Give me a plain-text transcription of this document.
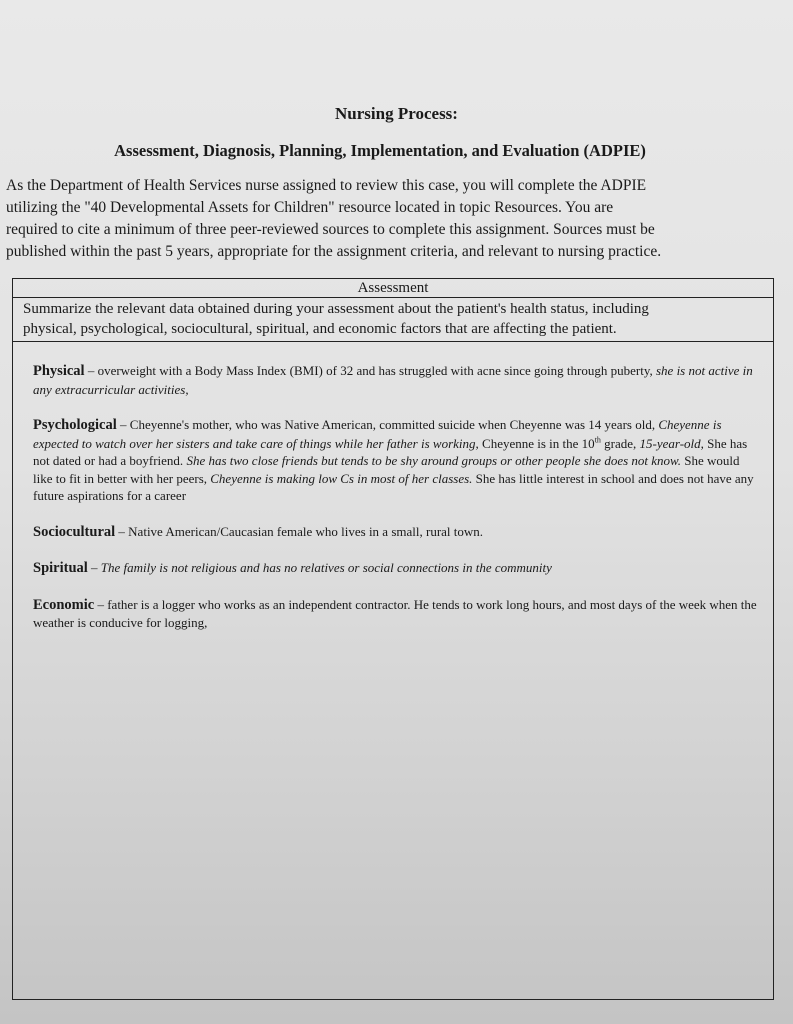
Nursing Process:
Assessment, Diagnosis, Planning, Implementation, and Evaluation (ADPIE)
As the Department of Health Services nurse assigned to review this case, you will complete the ADPIE
utilizing the "40 Developmental Assets for Children" resource located in topic Resources. You are
required to cite a minimum of three peer-reviewed sources to complete this assignment. Sources must be
published within the past 5 years, appropriate for the assignment criteria, and relevant to nursing practice.
Assessment
Summarize the relevant data obtained during your assessment about the patient's health status, including
physical, psychological, sociocultural, spiritual, and economic factors that are affecting the patient.
Physical – overweight with a Body Mass Index (BMI) of 32 and has struggled with acne since going through puberty, she is not active in any extracurricular activities,
Psychological – Cheyenne's mother, who was Native American, committed suicide when Cheyenne was 14 years old, Cheyenne is expected to watch over her sisters and take care of things while her father is working, Cheyenne is in the 10th grade, 15-year-old, She has not dated or had a boyfriend. She has two close friends but tends to be shy around groups or other people she does not know. She would like to fit in better with her peers, Cheyenne is making low Cs in most of her classes. She has little interest in school and does not have any future aspirations for a career
Sociocultural – Native American/Caucasian female who lives in a small, rural town.
Spiritual – The family is not religious and has no relatives or social connections in the community
Economic – father is a logger who works as an independent contractor. He tends to work long hours, and most days of the week when the weather is conducive for logging,
